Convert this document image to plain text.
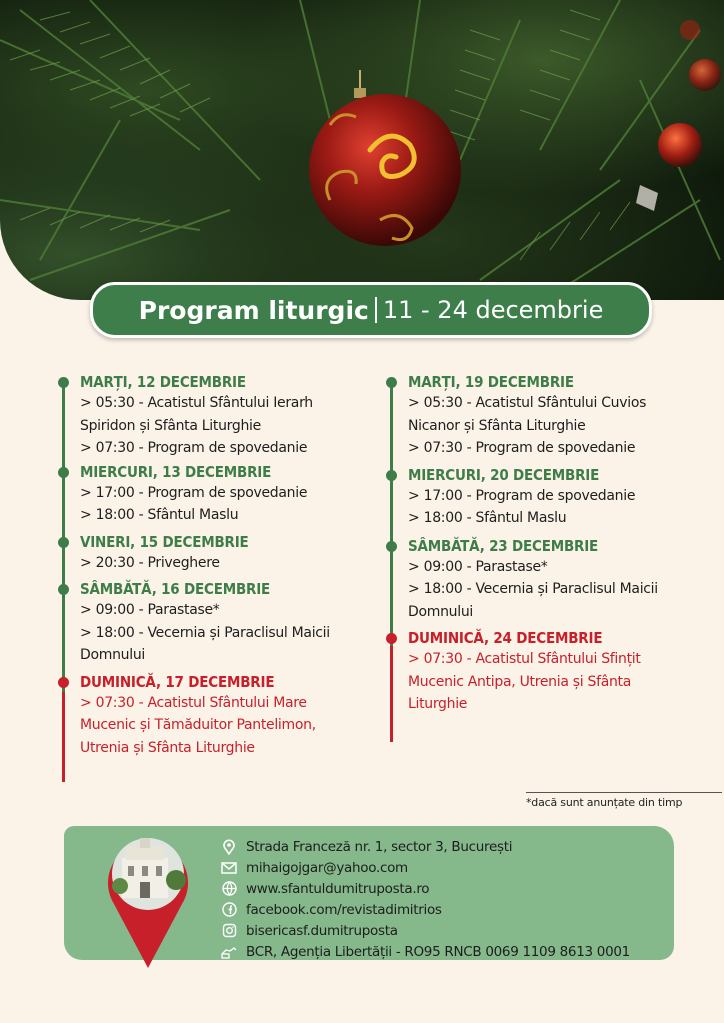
Program liturgic 11 - 24 decembrie
MARȚI, 12 DECEMBRIE
> 05:30 - Acatistul Sfântului Ierarh
Spiridon și Sfânta Liturghie
> 07:30 - Program de spovedanie
MIERCURI, 13 DECEMBRIE
> 17:00 - Program de spovedanie
> 18:00 - Sfântul Maslu
VINERI, 15 DECEMBRIE
> 20:30 - Priveghere
SÂMBĂTĂ, 16 DECEMBRIE
> 09:00 - Parastase*
> 18:00 - Vecernia și Paraclisul Maicii
Domnului
DUMINICĂ, 17 DECEMBRIE
> 07:30 - Acatistul Sfântului Mare
Mucenic și Tămăduitor Pantelimon,
Utrenia și Sfânta Liturghie
MARȚI, 19 DECEMBRIE
> 05:30 - Acatistul Sfântului Cuvios
Nicanor și Sfânta Liturghie
> 07:30 - Program de spovedanie
MIERCURI, 20 DECEMBRIE
> 17:00 - Program de spovedanie
> 18:00 - Sfântul Maslu
SÂMBĂTĂ, 23 DECEMBRIE
> 09:00 - Parastase*
> 18:00 - Vecernia și Paraclisul Maicii
Domnului
DUMINICĂ, 24 DECEMBRIE
> 07:30 - Acatistul Sfântului Sfințit
Mucenic Antipa, Utrenia și Sfânta
Liturghie
*dacă sunt anunțate din timp
Strada Franceză nr. 1, sector 3, București
mihaigojgar@yahoo.com
www.sfantuldumitruposta.ro
facebook.com/revistadimitrios
bisericasf.dumitruposta
BCR, Agenția Libertății - RO95 RNCB 0069 1109 8613 0001
